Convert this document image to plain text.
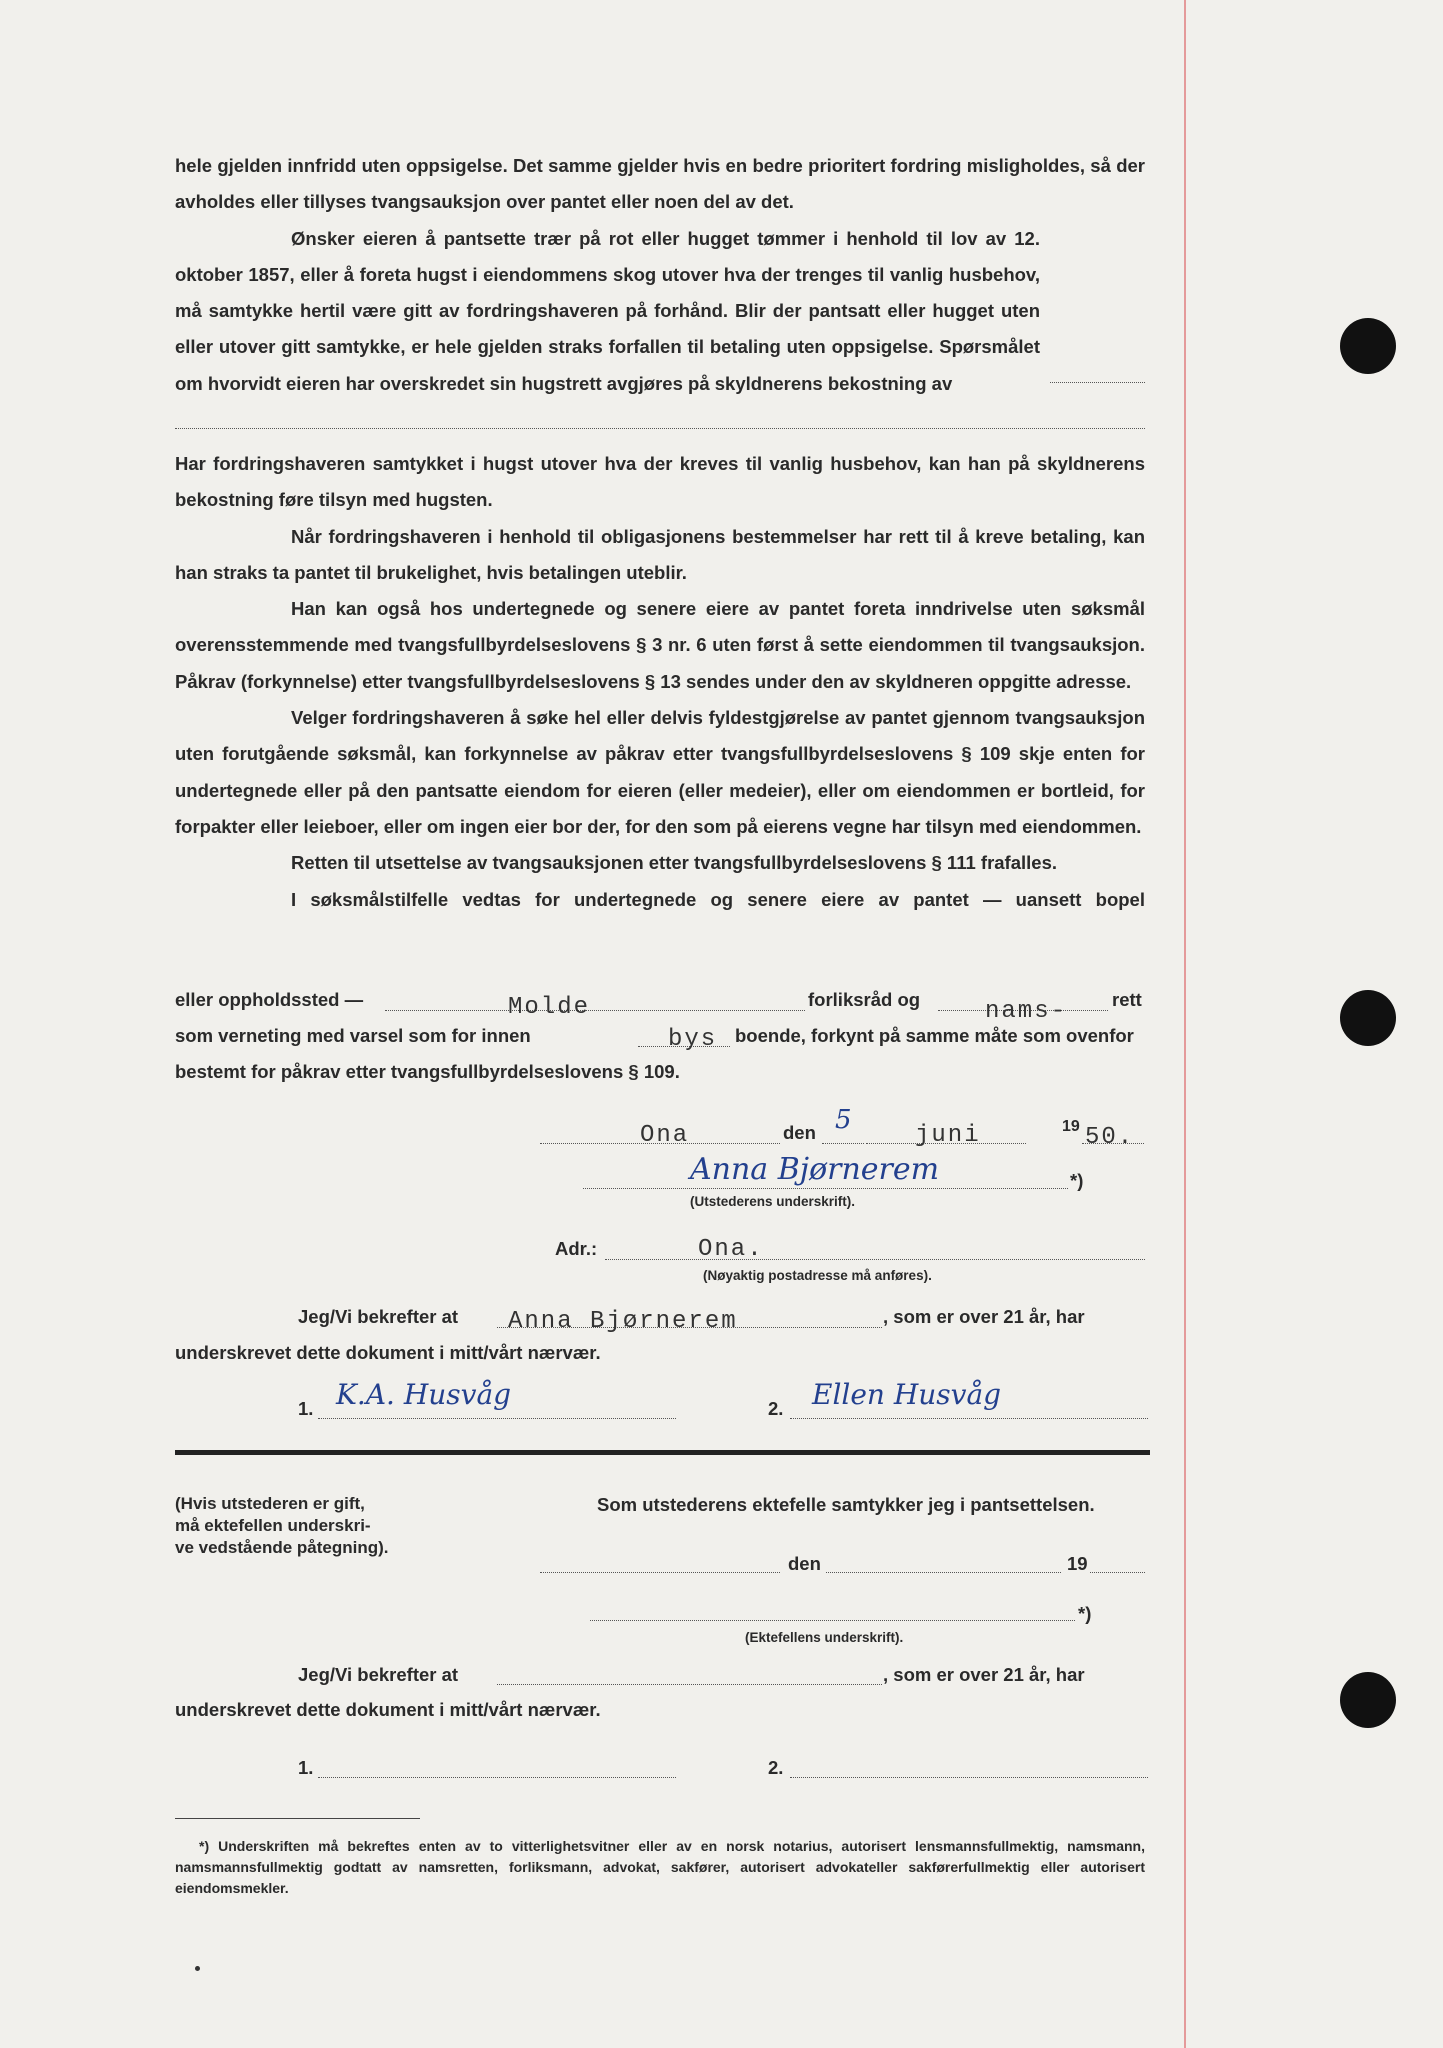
hele gjelden innfridd uten oppsigelse. Det samme gjelder hvis en bedre prioritert fordring misligholdes, så der avholdes eller tillyses tvangsauksjon over pantet eller noen del av det.

Ønsker eieren å pantsette trær på rot eller hugget tømmer i henhold til lov av 12. oktober 1857, eller å foreta hugst i eiendommens skog utover hva der trenges til vanlig husbehov, må samtykke hertil være gitt av fordringshaveren på forhånd. Blir der pantsatt eller hugget uten eller utover gitt samtykke, er hele gjelden straks forfallen til betaling uten oppsigelse. Spørsmålet om hvorvidt eieren har overskredet sin hugstrett avgjøres på skyldnerens bekostning av

Har fordringshaveren samtykket i hugst utover hva der kreves til vanlig husbehov, kan han på skyldnerens bekostning føre tilsyn med hugsten.

Når fordringshaveren i henhold til obligasjonens bestemmelser har rett til å kreve betaling, kan han straks ta pantet til brukelighet, hvis betalingen uteblir.

Han kan også hos undertegnede og senere eiere av pantet foreta inndrivelse uten søksmål overensstemmende med tvangsfullbyrdelseslovens § 3 nr. 6 uten først å sette eiendommen til tvangsauksjon. Påkrav (forkynnelse) etter tvangsfullbyrdelseslovens § 13 sendes under den av skyldneren oppgitte adresse.

Velger fordringshaveren å søke hel eller delvis fyldestgjørelse av pantet gjennom tvangsauksjon uten forutgående søksmål, kan forkynnelse av påkrav etter tvangsfullbyrdelseslovens § 109 skje enten for undertegnede eller på den pantsatte eiendom for eieren (eller medeier), eller om eiendommen er bortleid, for forpakter eller leieboer, eller om ingen eier bor der, for den som på eierens vegne har tilsyn med eiendommen.

Retten til utsettelse av tvangsauksjonen etter tvangsfullbyrdelseslovens § 111 frafalles.

I søksmålstilfelle vedtas for undertegnede og senere eiere av pantet — uansett bopel

eller oppholdssted —	Molde	forliksråd og	nams- rett
som verneting med varsel som for innen	bys boende, forkynt på samme måte som ovenfor
bestemt for påkrav etter tvangsfullbyrdelseslovens § 109.
Ona	den 5
juni	19 50.
Anna Bjørnerem	*)
(Utstederens underskrift).
Adr.:	Ona.
(Nøyaktig postadresse må anføres).
Jeg/Vi bekrefter at Anna Bjørnerem	, som er over 21 år, har
underskrevet dette dokument i mitt/vårt nærvær.
1. K.A. Husvåg	2. Ellen Husvåg
(Hvis utstederen er gift,
må ektefellen underskri-
ve vedstående påtegning).
Som utstederens ektefelle samtykker jeg i pantsettelsen.
den	19
*)
(Ektefellens underskrift).
Jeg/Vi bekrefter at	, som er over 21 år, har
underskrevet dette dokument i mitt/vårt nærvær.
1.	2.

*) Underskriften må bekreftes enten av to vitterlighetsvitner eller av en norsk notarius, autorisert lensmannsfullmektig, namsmann, namsmannsfullmektig godtatt av namsretten, forliksmann, advokat, sakfører, autorisert advokateller sakførerfullmektig eller autorisert eiendomsmekler.
